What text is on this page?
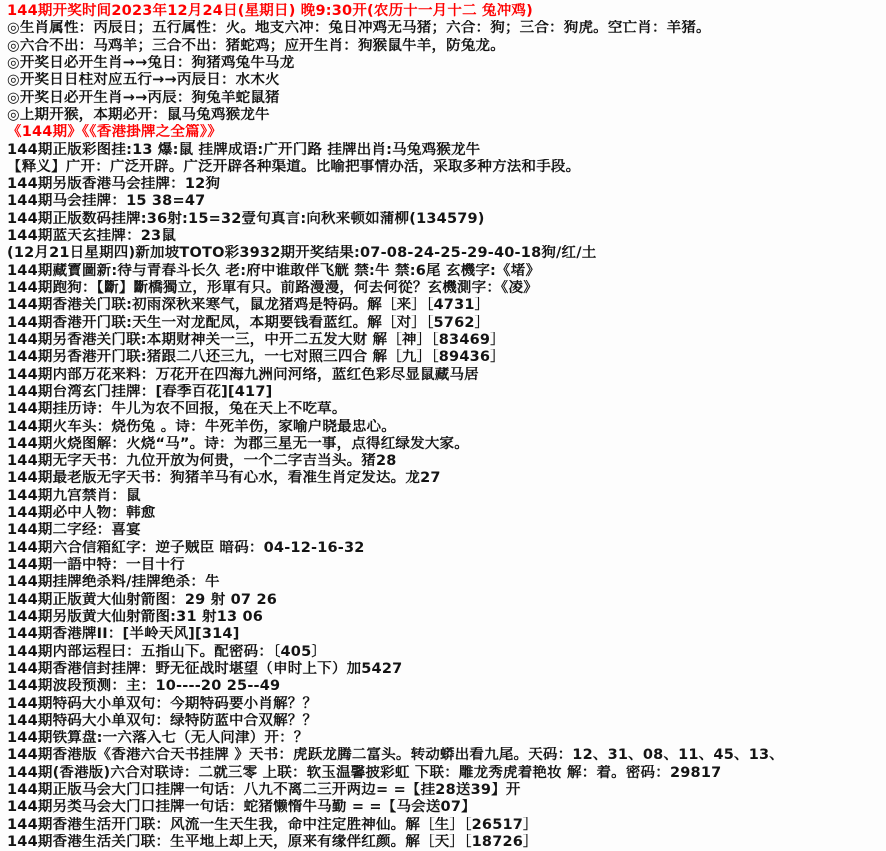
144期开奖时间2023年12月24日(星期日) 晚9:30开(农历十一月十二 兔冲鸡)
◎生肖属性：丙辰日；五行属性：火。地支六冲：兔日冲鸡无马猪；六合：狗；三合：狗虎。空亡肖：羊猪。
◎六合不出：马鸡羊；三合不出：猪蛇鸡；应开生肖：狗猴鼠牛羊，防兔龙。
◎开奖日必开生肖→→兔日：狗猪鸡兔牛马龙
◎开奖日日柱对应五行→→丙辰日：水木火
◎开奖日必开生肖→→丙辰：狗兔羊蛇鼠猪
◎上期开猴，本期必开：鼠马兔鸡猴龙牛
《144期》《《香港掛牌之全篇》》
144期正版彩图挂:13 爆:鼠 挂牌成语:广开门路 挂牌出肖:马兔鸡猴龙牛
【释义】广开：广泛开辟。广泛开辟各种渠道。比喻把事情办活，采取多种方法和手段。
144期另版香港马会挂牌：12狗
144期马会挂牌：15 38=47
144期正版数码挂牌:36射:15=32壹句真言:向秋来顿如蒲柳(134579)
144期蓝天玄挂牌：23鼠
(12月21日星期四)新加坡TOTO彩3932期开奖结果:07-08-24-25-29-40-18狗/红/土
144期藏寳圖新:待与青春斗长久 老:府中谁敢伴飞觥 禁:牛 禁:6尾 玄機字:《堵》
144期跑狗：【斷】斷橋獨立，形單有只。前路漫漫，何去何從？玄機測字：《凌》
144期香港关门联:初雨深秋来寒气，鼠龙猪鸡是特码。解［来］［4731］
144期香港开门联:天生一对龙配凤，本期要钱看蓝红。解［对］［5762］
144期另香港关门联:本期财神关一三，中开二五发大财 解［神］［83469］
144期另香港开门联:猪跟二八还三九，一七对照三四合 解［九］［89436］
144期内部万花来料：万花开在四海九洲问河络，蓝红色彩尽显鼠藏马居
144期台湾玄门挂牌：[春季百花][417]
144期挂历诗：牛儿为农不回报，兔在天上不吃草。
144期火车头：烧伤兔 。诗：牛死羊伤，家喻户晓最忠心。
144期火烧图解：火烧“马”。诗：为郡三星无一事，点得红绿发大家。
144期无字天书：九位开放为何贵，一个二字吉当头。猪28
144期最老版无字天书：狗猪羊马有心水，看准生肖定发达。龙27
144期九宫禁肖：鼠
144期必中人物：韩愈
144期二字经：喜宴
144期六合信箱紅字：逆子贼臣 暗码：04-12-16-32
144期一語中特：一目十行
144期挂牌绝杀料/挂牌绝杀：牛
144期正版黄大仙射箭图：29 射 07 26
144期另版黄大仙射箭图:31 射13 06
144期香港牌II：[半岭天风][314]
144期内部运程曰：五指山下。配密码：〔405〕
144期香港信封挂牌：野无征战时堪望（申时上下）加5427
144期波段预测：主：10----20 25--49
144期特码大小单双句：今期特码要小肖解？？
144期特码大小单双句：绿特防蓝中合双解？？
144期铁算盘:一六落入七（无人问津）开：？
144期香港版《香港六合天书挂牌 》天书：虎跃龙腾二富头。转动蟒出看九尾。天码：12、31、08、11、45、13、
144期(香港版)六合对联诗：二就三零 上联：软玉温馨披彩虹 下联：雕龙秀虎着艳妆 解：着。密码：29817
144期正版马会大门口挂牌一句话：八九不离二三开两边= =【挂28送39】开
144期另类马会大门口挂牌一句话：蛇猪懒惰牛马勤 = =【马会送07】
144期香港生活开门联：风流一生天生我，命中注定胜神仙。解［生］［26517］
144期香港生活关门联：生平地上却上天，原来有缘伴红颜。解［天］［18726］
